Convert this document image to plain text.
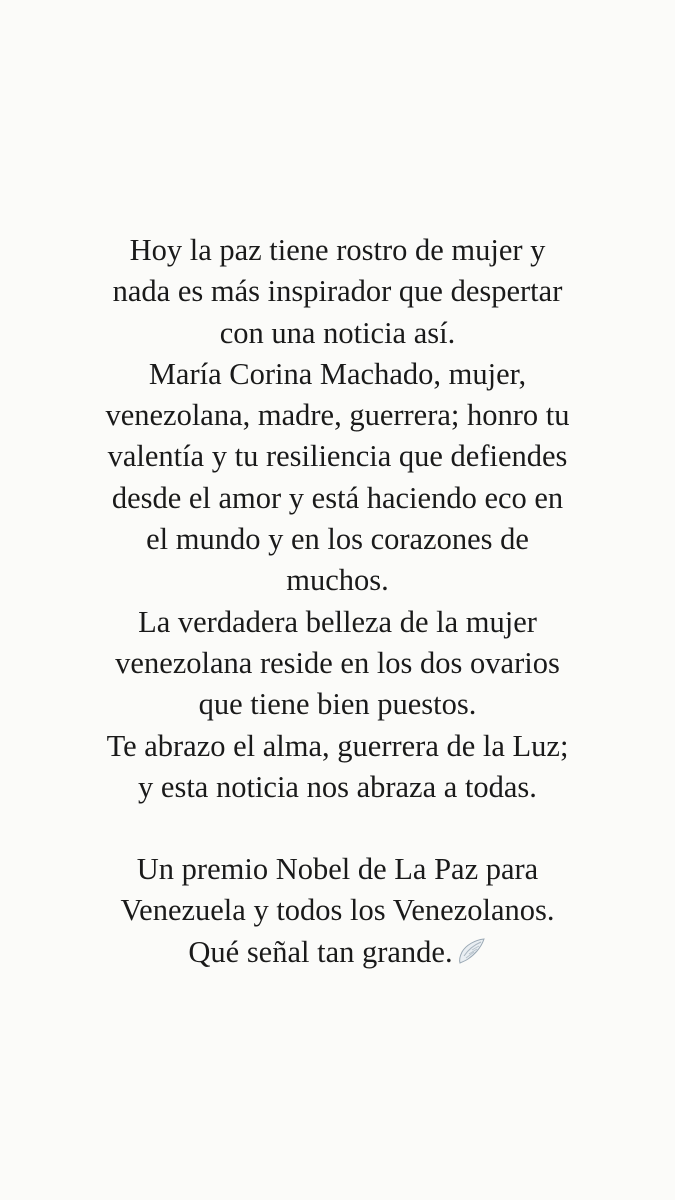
Hoy la paz tiene rostro de mujer y
nada es más inspirador que despertar
con una noticia así.
María Corina Machado, mujer,
venezolana, madre, guerrera; honro tu
valentía y tu resiliencia que defiendes
desde el amor y está haciendo eco en
el mundo y en los corazones de
muchos.
La verdadera belleza de la mujer
venezolana reside en los dos ovarios
que tiene bien puestos.
Te abrazo el alma, guerrera de la Luz;
y esta noticia nos abraza a todas.
Un premio Nobel de La Paz para
Venezuela y todos los Venezolanos.
Qué señal tan grande.
